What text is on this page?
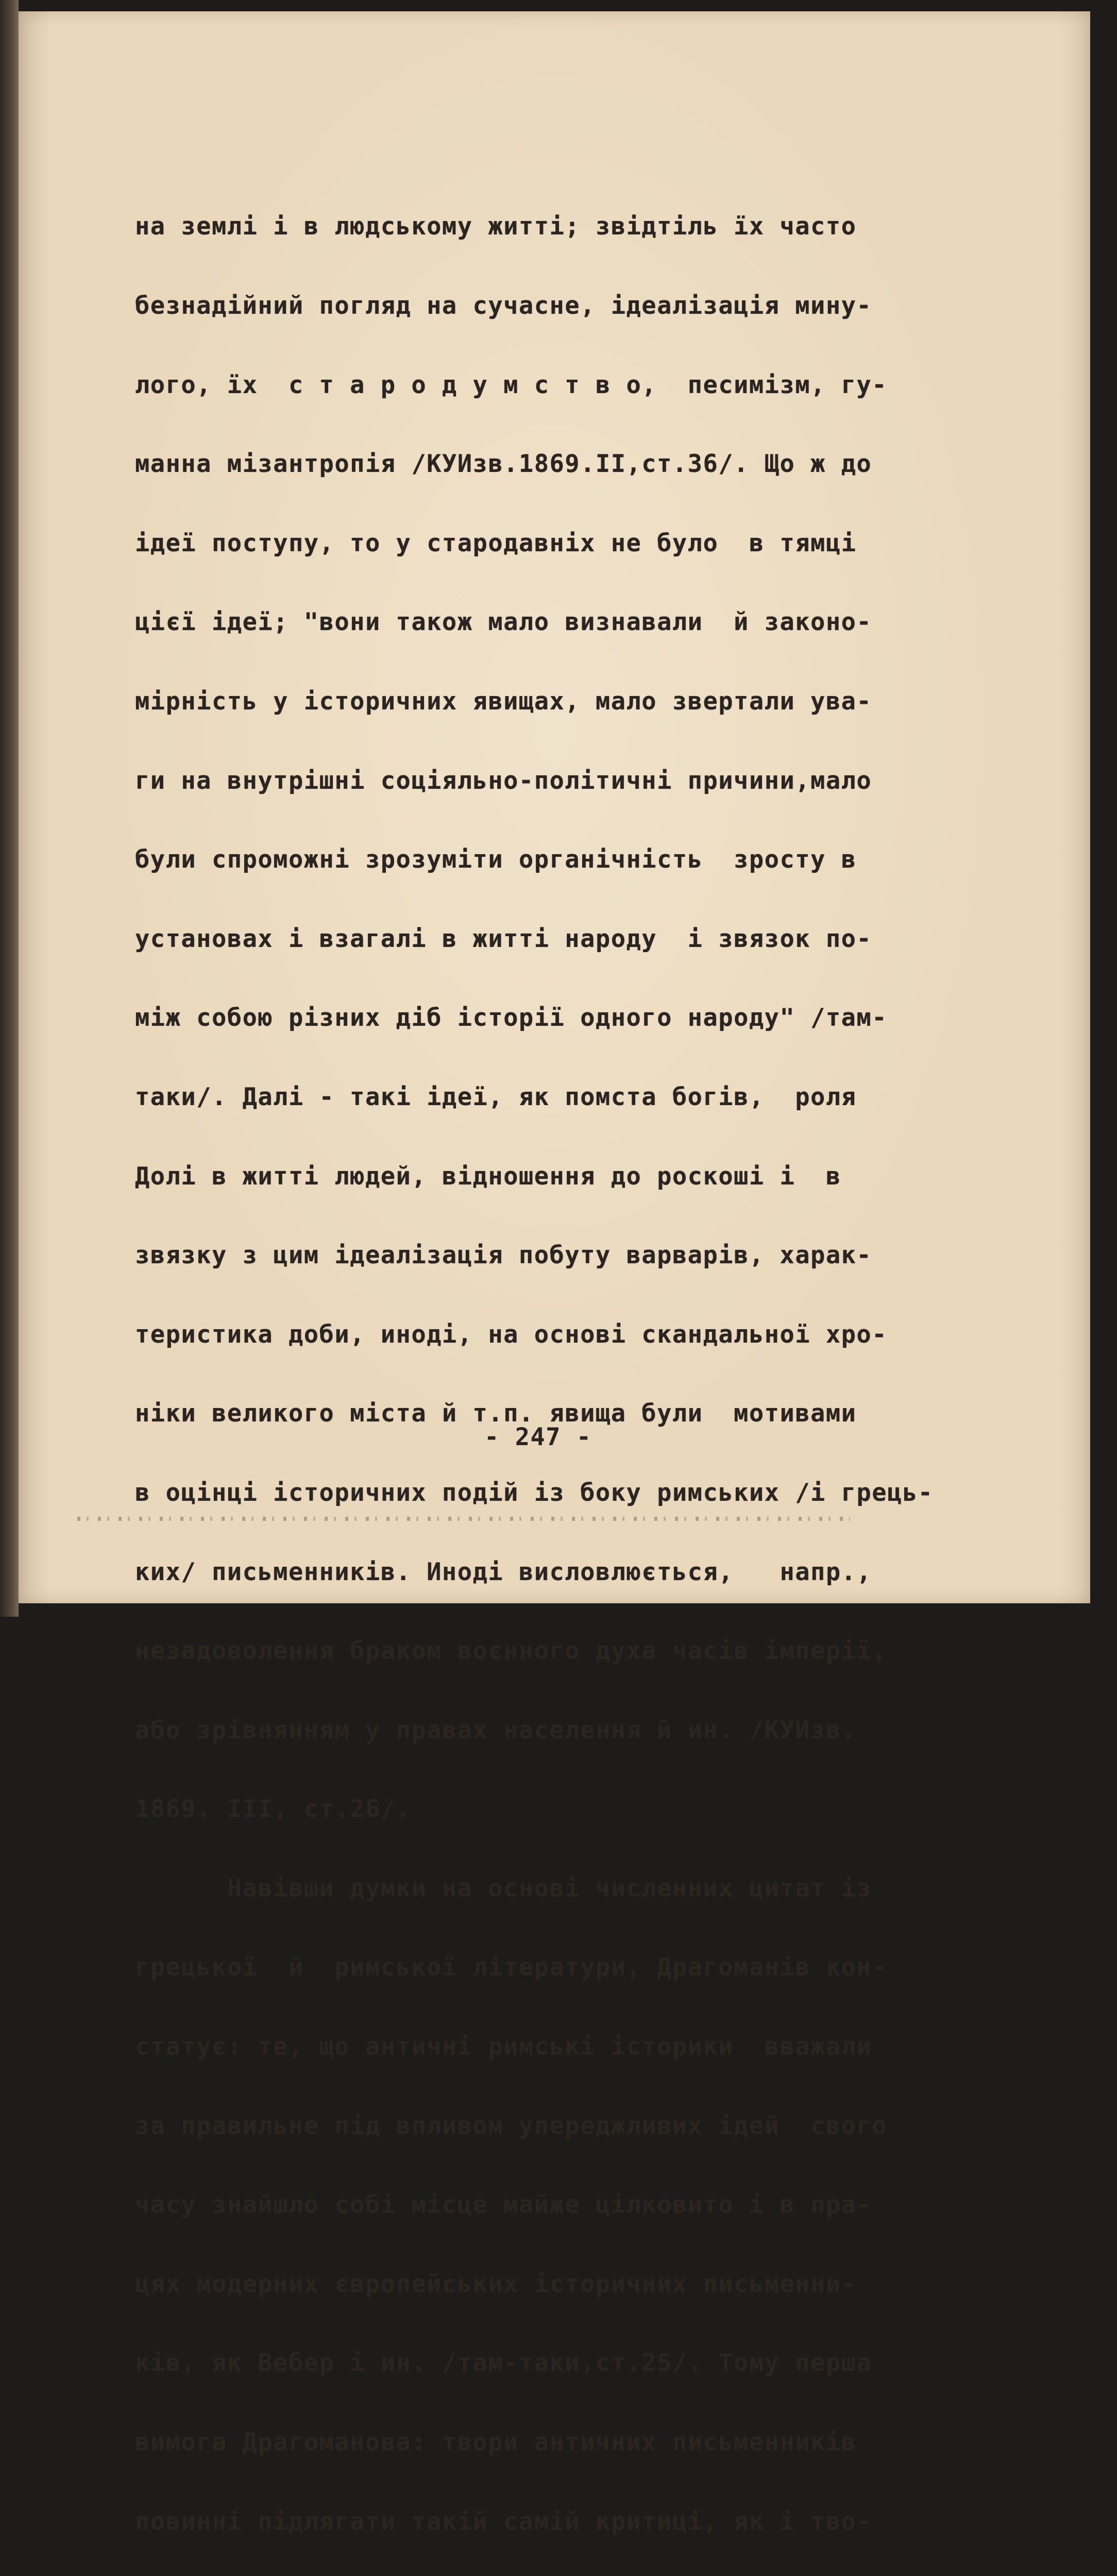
на землі і в людському житті; звідтіль їх часто

безнадійний погляд на сучасне, ідеалізація мину-

лого, їх  с т а р о д у м с т в о,  песимізм, гу-

манна мізантропія /КУИзв.1869.II,ст.36/. Що ж до

ідеї поступу, то у стародавніх не було  в тямці

цієї ідеї; "вони також мало визнавали  й законо-

мірність у історичних явищах, мало звертали ува-

ги на внутрішні соціяльно-політичні причини,мало

були спроможні зрозуміти органічність  зросту в

установах і взагалі в житті народу  і звязок по-

між собою різних діб історії одного народу" /там-

таки/. Далі - такі ідеї, як помста богів,  роля

Долі в житті людей, відношення до роскоші і  в

звязку з цим ідеалізація побуту варварів, харак-

теристика доби, иноді, на основі скандальної хро-

ніки великого міста й т.п. явища були  мотивами

в оцінці історичних подій із боку римських /і грець-

ких/ письменників. Иноді висловлюється,   напр.,

незадоволення браком воєнного духа часів імперії,

або зрівнянням у правах населення й ин. /КУИзв.

1869. III, ст.26/.

Навівши думки на основі численних цитат із

грецької  й  римської літератури, Драгоманів кон-

статує: те, що античні римські історики  вважали

за правильне під впливом упереджливих ідей  свого

часу знайшло собі місце майже цілковито і в пра-

цях модерних європейських історичних письменни-

ків, як Вебер і ин. /там-таки,ст.25/. Тому перша

вимога Драгоманова: твори античних письменників

повинні підлягати такій самій критиці, як і тво-

- 247 -
